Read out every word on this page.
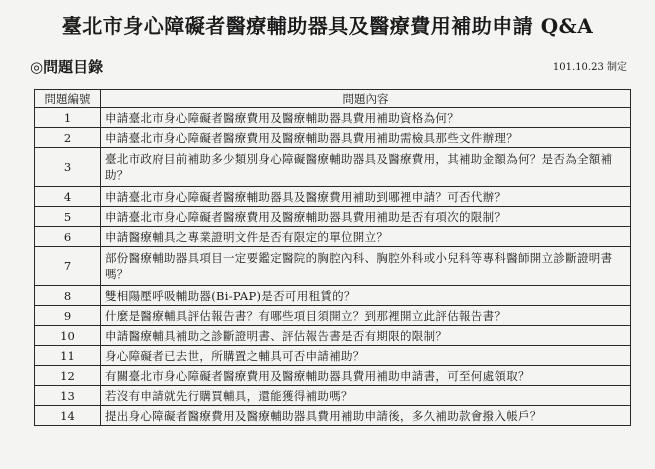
臺北市身心障礙者醫療輔助器具及醫療費用補助申請 Q&A
◎問題目錄	101.10.23 制定
問題編號	問題內容
1	申請臺北市身心障礙者醫療費用及醫療輔助器具費用補助資格為何？
2	申請臺北市身心障礙者醫療費用及醫療輔助器具費用補助需檢具那些文件辦理？
3	臺北市政府目前補助多少類別身心障礙醫療輔助器具及醫療費用，其補助金額為何？是否為全額補助？
4	申請臺北市身心障礙者醫療輔助器具及醫療費用補助到哪裡申請？可否代辦？
5	申請臺北市身心障礙者醫療費用及醫療輔助器具費用補助是否有項次的限制？
6	申請醫療輔具之專業證明文件是否有限定的單位開立？
7	部份醫療輔助器具項目一定要鑑定醫院的胸腔內科、胸腔外科或小兒科等專科醫師開立診斷證明書嗎？
8	雙相陽壓呼吸輔助器(Bi-PAP)是否可用租賃的？
9	什麼是醫療輔具評估報告書？有哪些項目須開立？到那裡開立此評估報告書？
10	申請醫療輔具補助之診斷證明書、評估報告書是否有期限的限制？
11	身心障礙者已去世，所購置之輔具可否申請補助？
12	有關臺北市身心障礙者醫療費用及醫療輔助器具費用補助申請書，可至何處領取？
13	若沒有申請就先行購買輔具，還能獲得補助嗎？
14	提出身心障礙者醫療費用及醫療輔助器具費用補助申請後，多久補助款會撥入帳戶？
